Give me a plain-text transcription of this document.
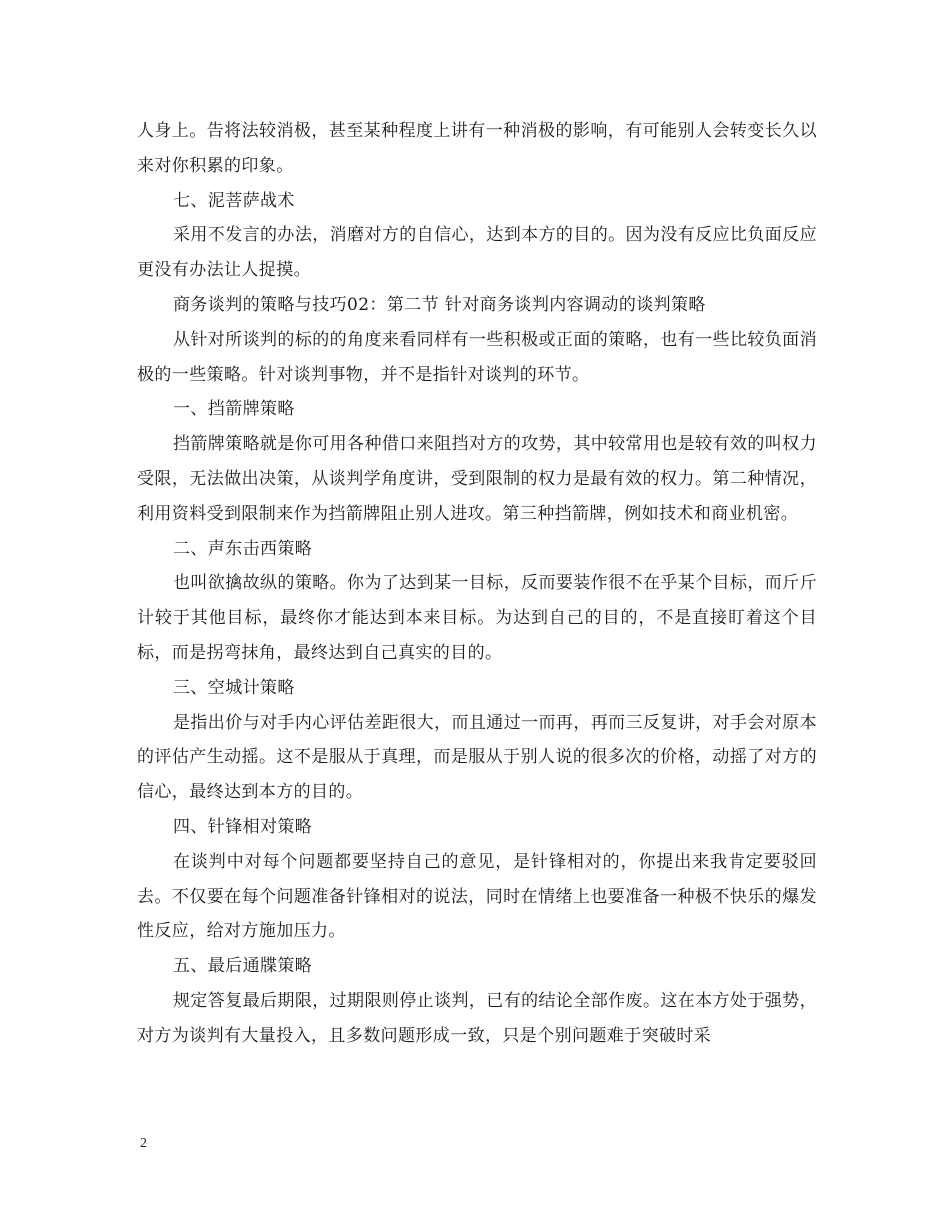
人身上。告将法较消极，甚至某种程度上讲有一种消极的影响，有可能别人会转变长久以来对你积累的印象。

七、泥菩萨战术

采用不发言的办法，消磨对方的自信心，达到本方的目的。因为没有反应比负面反应更没有办法让人捉摸。

商务谈判的策略与技巧02：第二节 针对商务谈判内容调动的谈判策略

从针对所谈判的标的的角度来看同样有一些积极或正面的策略，也有一些比较负面消极的一些策略。针对谈判事物，并不是指针对谈判的环节。

一、挡箭牌策略

挡箭牌策略就是你可用各种借口来阻挡对方的攻势，其中较常用也是较有效的叫权力受限，无法做出决策，从谈判学角度讲，受到限制的权力是最有效的权力。第二种情况，利用资料受到限制来作为挡箭牌阻止别人进攻。第三种挡箭牌，例如技术和商业机密。

二、声东击西策略

也叫欲擒故纵的策略。你为了达到某一目标，反而要装作很不在乎某个目标，而斤斤计较于其他目标，最终你才能达到本来目标。为达到自己的目的，不是直接盯着这个目标，而是拐弯抹角，最终达到自己真实的目的。

三、空城计策略

是指出价与对手内心评估差距很大，而且通过一而再，再而三反复讲，对手会对原本的评估产生动摇。这不是服从于真理，而是服从于别人说的很多次的价格，动摇了对方的信心，最终达到本方的目的。

四、针锋相对策略

在谈判中对每个问题都要坚持自己的意见，是针锋相对的，你提出来我肯定要驳回去。不仅要在每个问题准备针锋相对的说法，同时在情绪上也要准备一种极不快乐的爆发性反应，给对方施加压力。

五、最后通牒策略

规定答复最后期限，过期限则停止谈判，已有的结论全部作废。这在本方处于强势，对方为谈判有大量投入，且多数问题形成一致，只是个别问题难于突破时采

2
